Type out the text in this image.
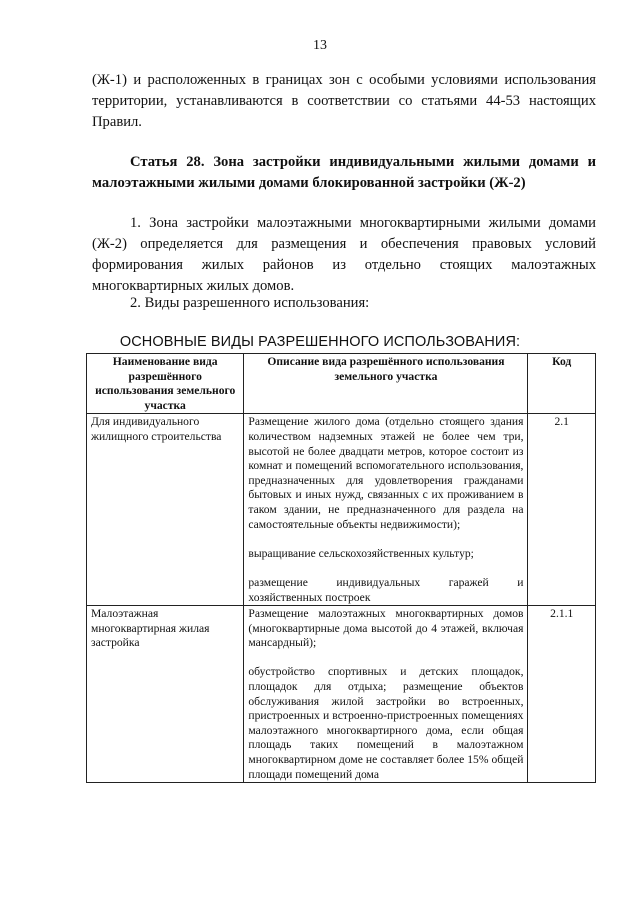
13
(Ж-1) и расположенных в границах зон с особыми условиями использования территории, устанавливаются в соответствии со статьями 44-53 настоящих Правил.
Статья 28. Зона застройки индивидуальными жилыми домами и малоэтажными жилыми домами блокированной застройки (Ж-2)
1. Зона застройки малоэтажными многоквартирными жилыми домами (Ж-2) определяется для размещения и обеспечения правовых условий формирования жилых районов из отдельно стоящих малоэтажных многоквартирных жилых домов.
2. Виды разрешенного использования:
ОСНОВНЫЕ ВИДЫ РАЗРЕШЕННОГО ИСПОЛЬЗОВАНИЯ:
Наименование вида разрешённого использования земельного участка	Описание вида разрешённого использования земельного участка	Код
Для индивидуального жилищного строительства	Размещение жилого дома (отдельно стоящего здания количеством надземных этажей не более чем три, высотой не более двадцати метров, которое состоит из комнат и помещений вспомогательного использования, предназначенных для удовлетворения гражданами бытовых и иных нужд, связанных с их проживанием в таком здании, не предназначенного для раздела на самостоятельные объекты недвижимости);

выращивание сельскохозяйственных культур;

размещение индивидуальных гаражей и хозяйственных построек	2.1
Малоэтажная многоквартирная жилая застройка	Размещение малоэтажных многоквартирных домов (многоквартирные дома высотой до 4 этажей, включая мансардный);

обустройство спортивных и детских площадок, площадок для отдыха; размещение объектов обслуживания жилой застройки во встроенных, пристроенных и встроенно-пристроенных помещениях малоэтажного многоквартирного дома, если общая площадь таких помещений в малоэтажном многоквартирном доме не составляет более 15% общей площади помещений дома	2.1.1
